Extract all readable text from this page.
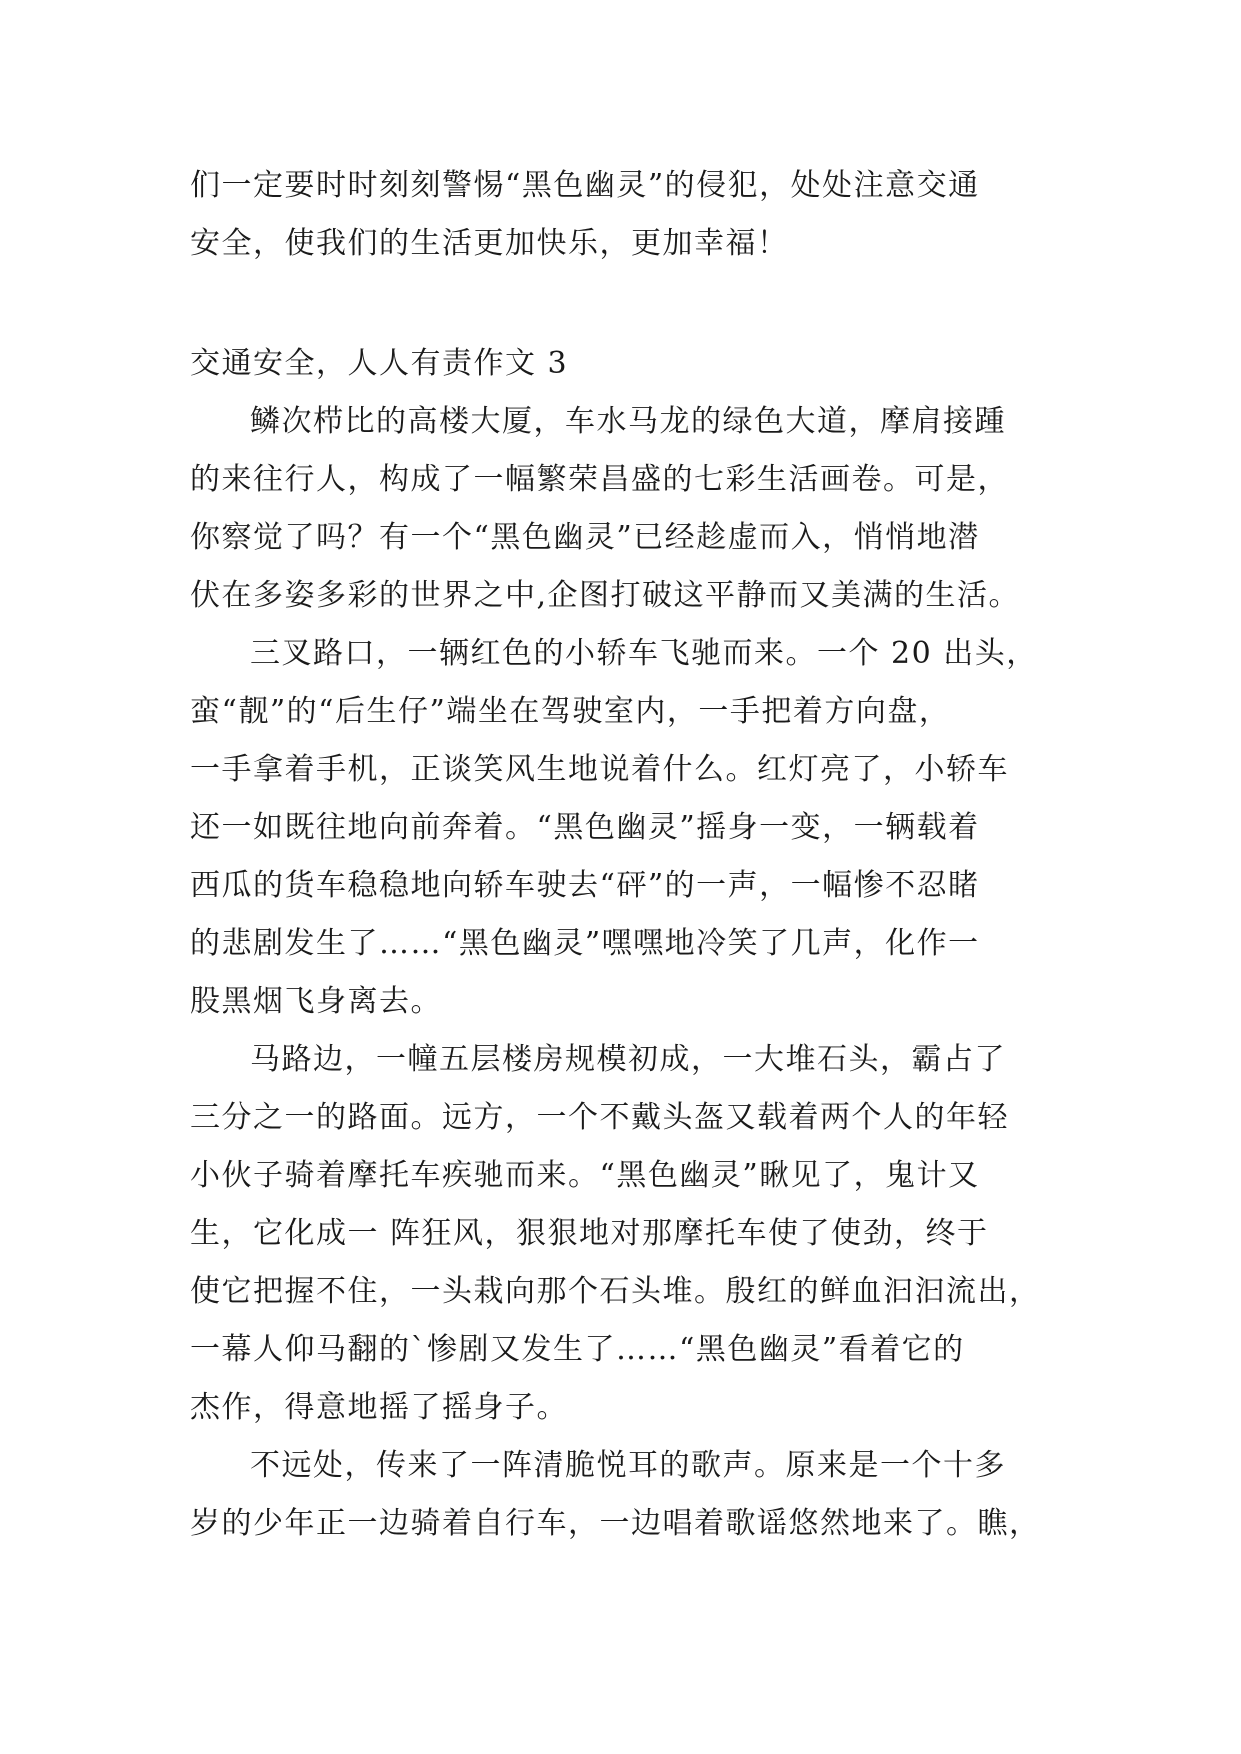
们一定要时时刻刻警惕“黑色幽灵”的侵犯，处处注意交通
安全，使我们的生活更加快乐，更加幸福！
交通安全，人人有责作文 3
鳞次栉比的高楼大厦，车水马龙的绿色大道，摩肩接踵
的来往行人，构成了一幅繁荣昌盛的七彩生活画卷。可是，
你察觉了吗？有一个“黑色幽灵”已经趁虚而入，悄悄地潜
伏在多姿多彩的世界之中,企图打破这平静而又美满的生活。
三叉路口，一辆红色的小轿车飞驰而来。一个 20 出头，
蛮“靓”的“后生仔”端坐在驾驶室内，一手把着方向盘，
一手拿着手机，正谈笑风生地说着什么。红灯亮了，小轿车
还一如既往地向前奔着。“黑色幽灵”摇身一变，一辆载着
西瓜的货车稳稳地向轿车驶去“砰”的一声，一幅惨不忍睹
的悲剧发生了……“黑色幽灵”嘿嘿地冷笑了几声，化作一
股黑烟飞身离去。
马路边，一幢五层楼房规模初成，一大堆石头，霸占了
三分之一的路面。远方，一个不戴头盔又载着两个人的年轻
小伙子骑着摩托车疾驰而来。“黑色幽灵”瞅见了，鬼计又
生，它化成一 阵狂风，狠狠地对那摩托车使了使劲，终于
使它把握不住，一头栽向那个石头堆。殷红的鲜血汩汩流出，
一幕人仰马翻的`惨剧又发生了……“黑色幽灵”看着它的
杰作，得意地摇了摇身子。
不远处，传来了一阵清脆悦耳的歌声。原来是一个十多
岁的少年正一边骑着自行车，一边唱着歌谣悠然地来了。瞧，
